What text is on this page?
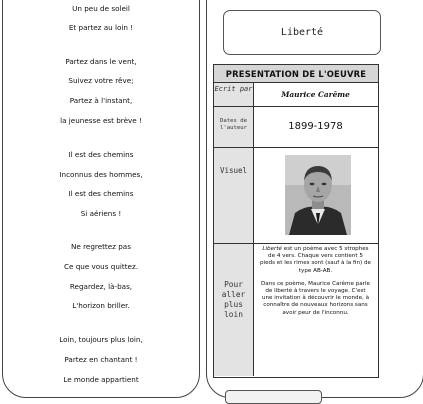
Un peu de soleil
Et partez au loin !
Partez dans le vent,
Suivez votre rêve;
Partez à l'instant,
la jeunesse est brève !
Il est des chemins
Inconnus des hommes,
Il est des chemins
Si aériens !
Ne regrettez pas
Ce que vous quittez.
Regardez, là-bas,
L'horizon briller.
Loin, toujours plus loin,
Partez en chantant !
Le monde appartient
Liberté
PRESENTATION DE L'OEUVRE
Ecrit par
Maurice Carême
Dates de l'auteur	1899-1978
Visuel
Pour aller plus loin

Liberté est un poème avec 5 strophes de 4 vers. Chaque vers contient 5 pieds et les rimes sont (sauf à la fin) de type AB-AB.

Dans ce poème, Maurice Carême parle de liberté à travers le voyage. C'est une invitation à découvrir le monde, à connaître de nouveaux horizons sans avoir peur de l'inconnu.
